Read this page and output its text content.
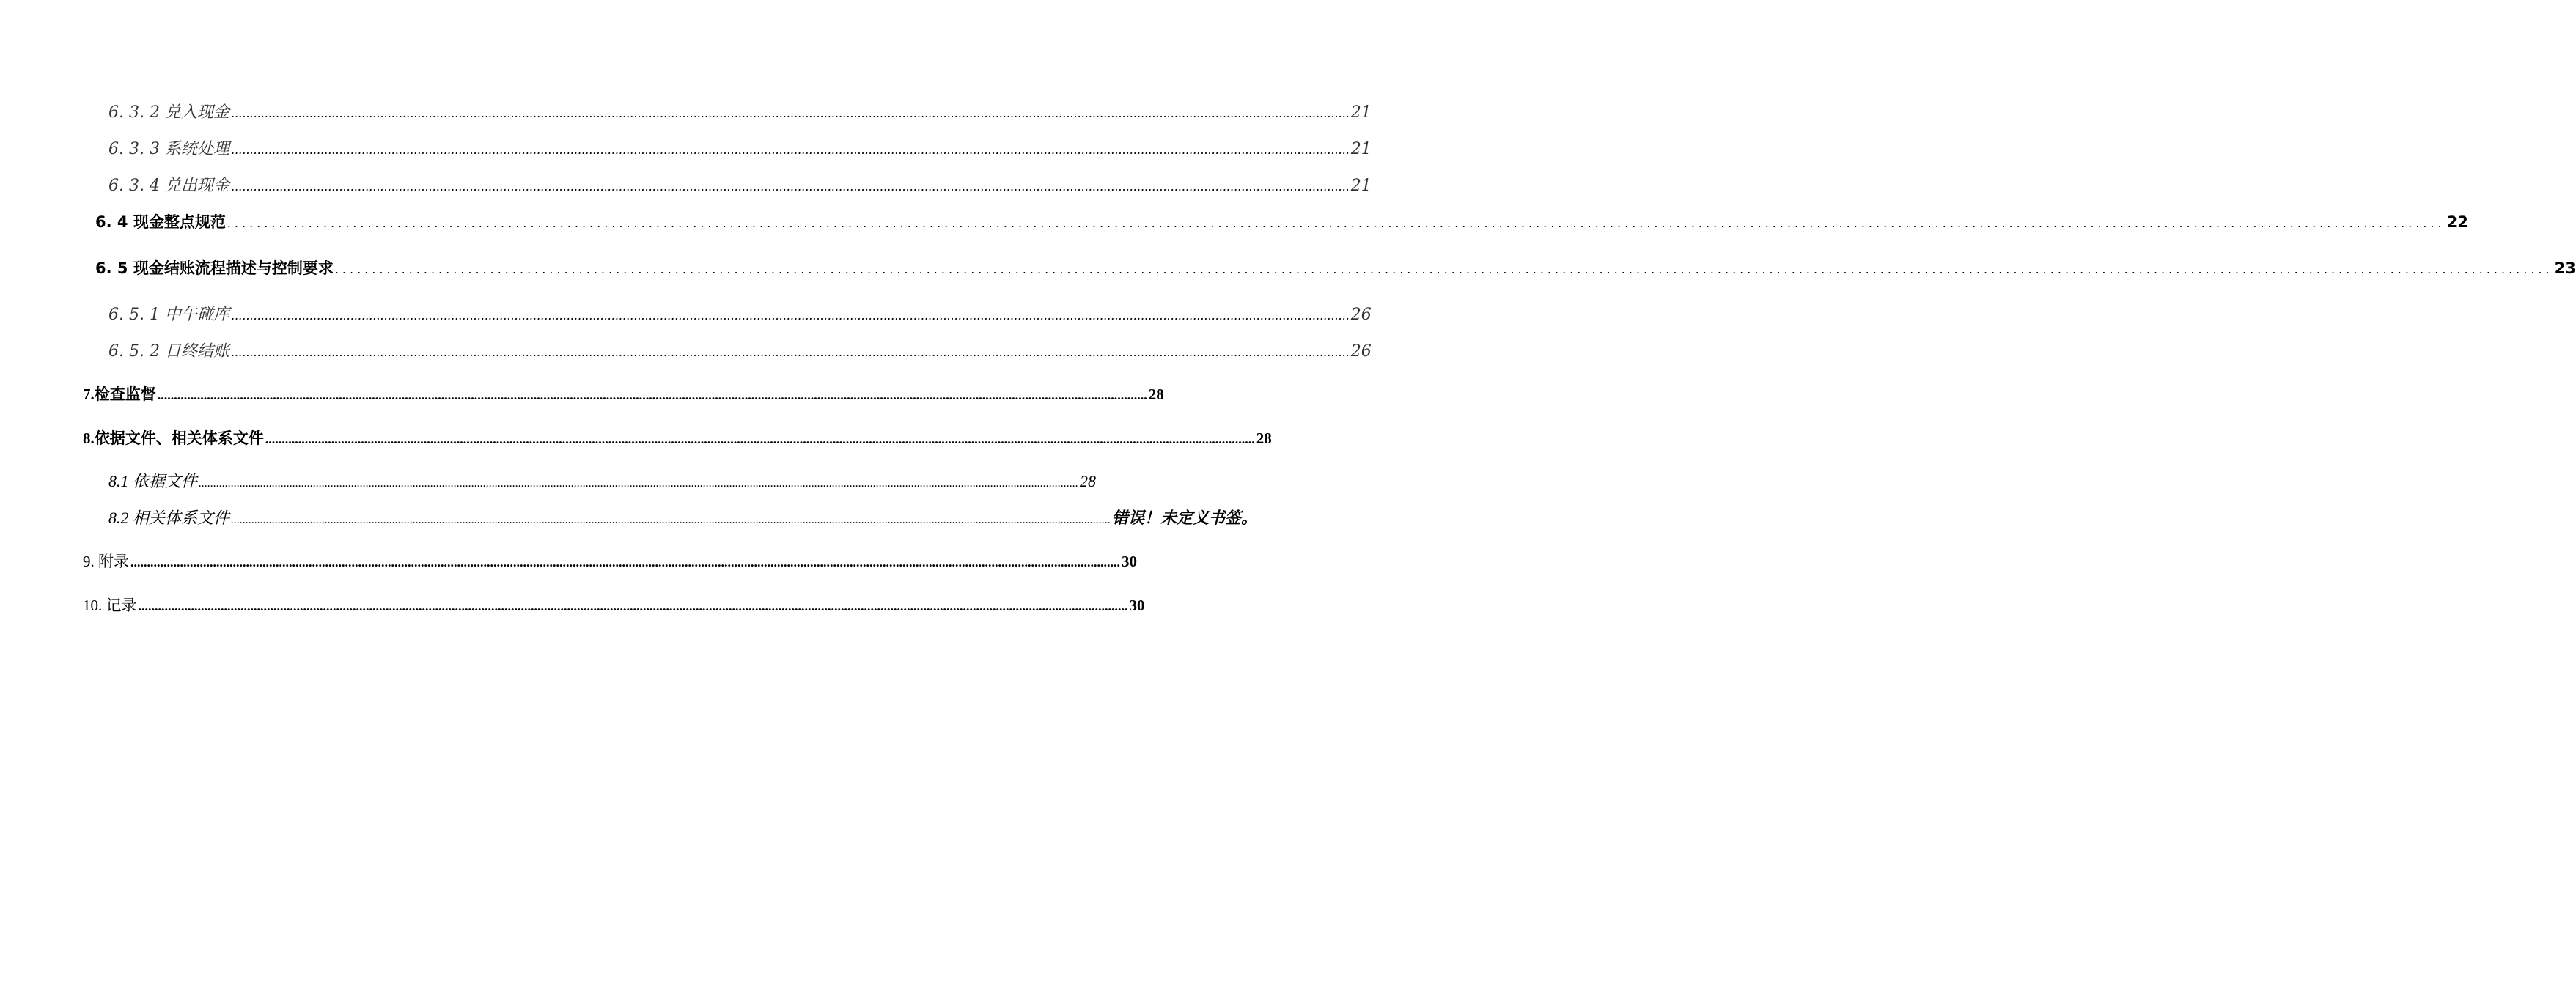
6. 3. 2 兑入现金 ............................................................................................................................................................................................................................................................................................................ 21
6. 3. 3 系统处理 ............................................................................................................................................................................................................................................................................................................ 21
6. 3. 4 兑出现金 ............................................................................................................................................................................................................................................................................................................ 21
6. 4 现金整点规范 ............................................................................................................................................................................................................................................................................................................ 22
6. 5 现金结账流程描述与控制要求 ............................................................................................................................................................................................................................................................................................................ 23
6. 5. 1 中午碰库 ............................................................................................................................................................................................................................................................................................................ 26
6. 5. 2 日终结账 ............................................................................................................................................................................................................................................................................................................ 26
7.检查监督 ............................................................................................................................................................................................................................................................................................................ 28
8.依据文件、相关体系文件 ............................................................................................................................................................................................................................................................................................................ 28
8.1 依据文件 ............................................................................................................................................................................................................................................................................................................ 28
8.2 相关体系文件 ............................................................................................................................................................................................................................................................................................................ 错误！未定义书签。
9. 附录 ............................................................................................................................................................................................................................................................................................................ 30
10. 记录 ............................................................................................................................................................................................................................................................................................................ 30
